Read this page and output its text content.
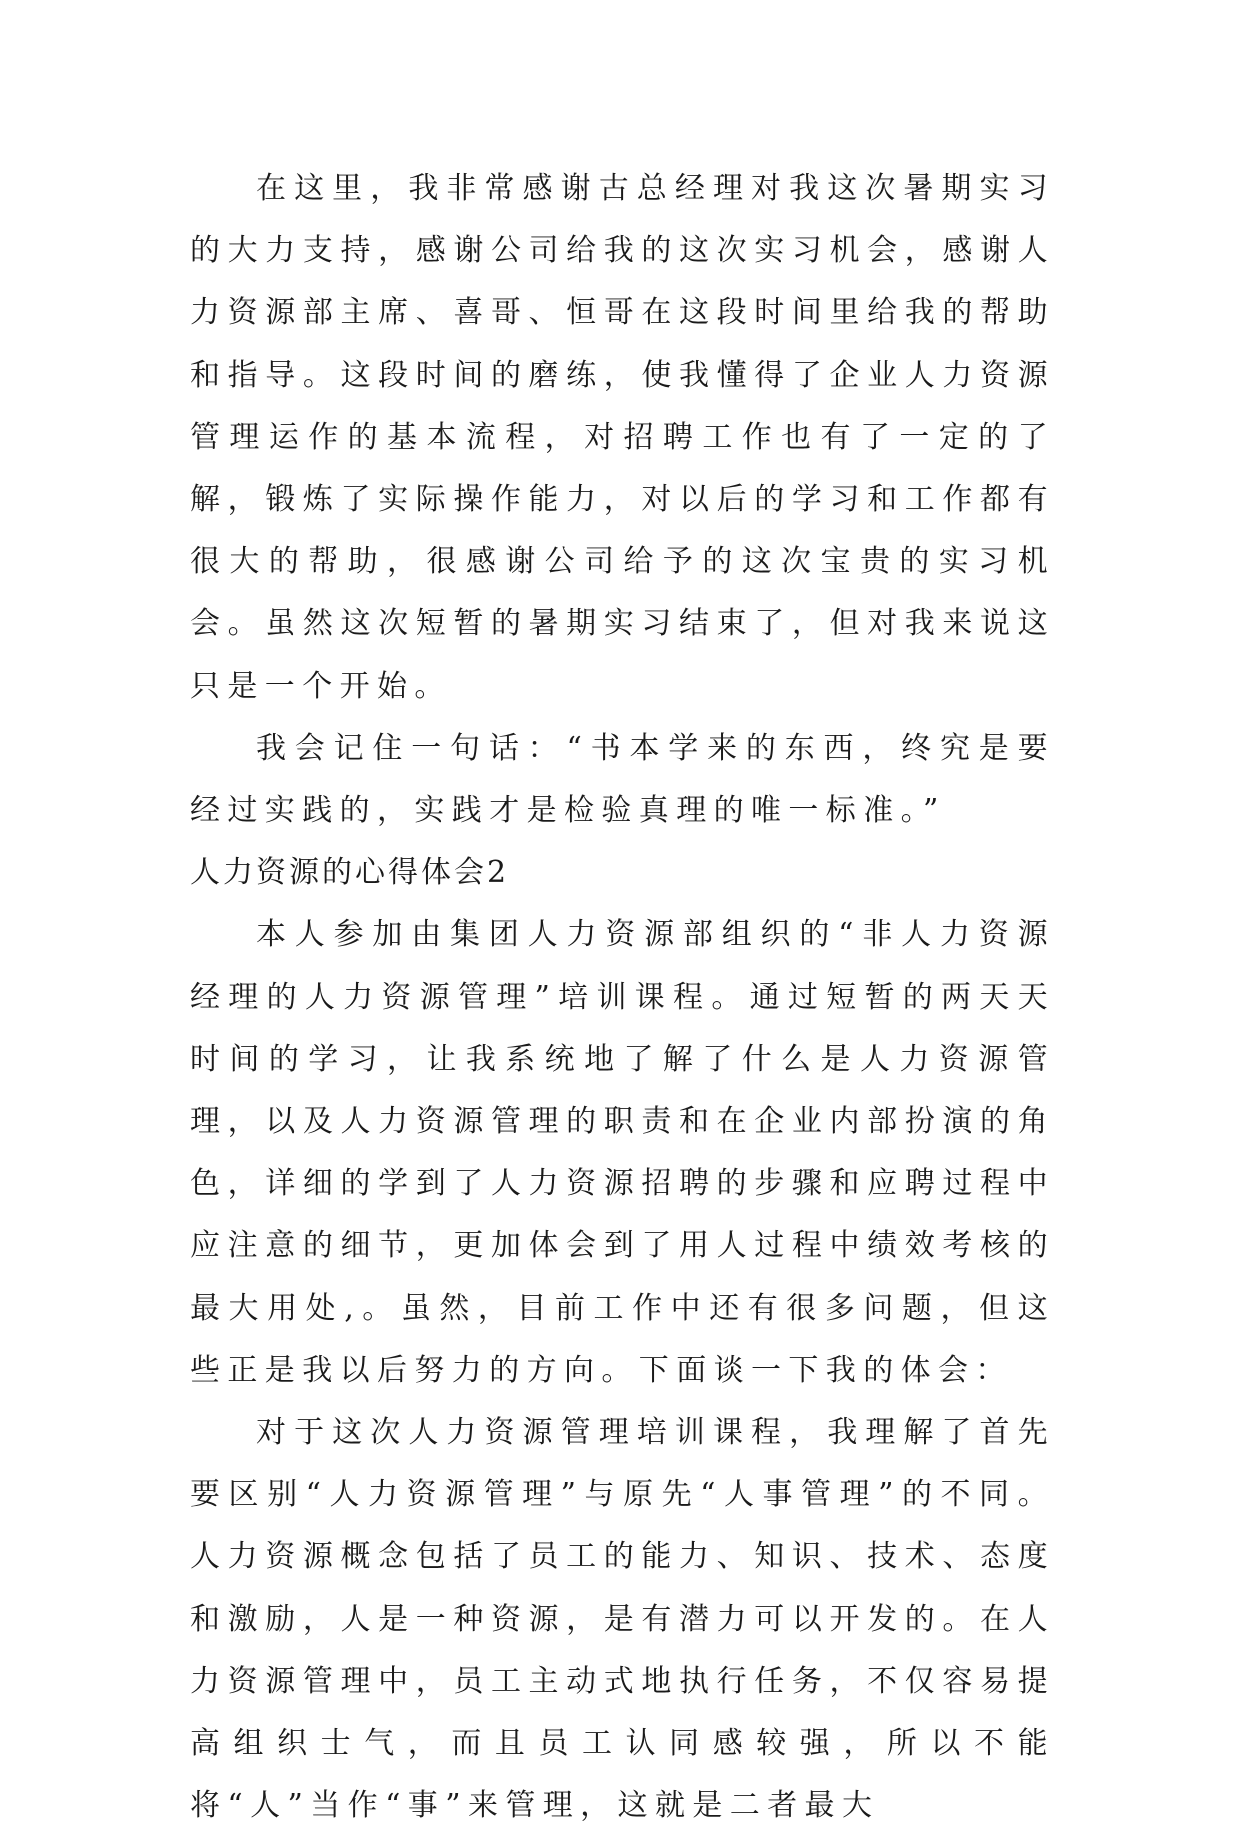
在这里，我非常感谢古总经理对我这次暑期实习的大力支持，感谢公司给我的这次实习机会，感谢人力资源部主席、喜哥、恒哥在这段时间里给我的帮助和指导。这段时间的磨练，使我懂得了企业人力资源管理运作的基本流程，对招聘工作也有了一定的了解，锻炼了实际操作能力，对以后的学习和工作都有很大的帮助，很感谢公司给予的这次宝贵的实习机会。虽然这次短暂的暑期实习结束了，但对我来说这只是一个开始。

我会记住一句话：“书本学来的东西，终究是要经过实践的，实践才是检验真理的唯一标准。”

人力资源的心得体会2

本人参加由集团人力资源部组织的“非人力资源经理的人力资源管理”培训课程。通过短暂的两天天时间的学习，让我系统地了解了什么是人力资源管理，以及人力资源管理的职责和在企业内部扮演的角色，详细的学到了人力资源招聘的步骤和应聘过程中应注意的细节，更加体会到了用人过程中绩效考核的最大用处,。虽然，目前工作中还有很多问题，但这些正是我以后努力的方向。下面谈一下我的体会：

对于这次人力资源管理培训课程，我理解了首先要区别“人力资源管理”与原先“人事管理”的不同。人力资源概念包括了员工的能力、知识、技术、态度和激励，人是一种资源，是有潜力可以开发的。在人力资源管理中，员工主动式地执行任务，不仅容易提高组织士气，而且员工认同感较强，所以不能将“人”当作“事”来管理，这就是二者最大
